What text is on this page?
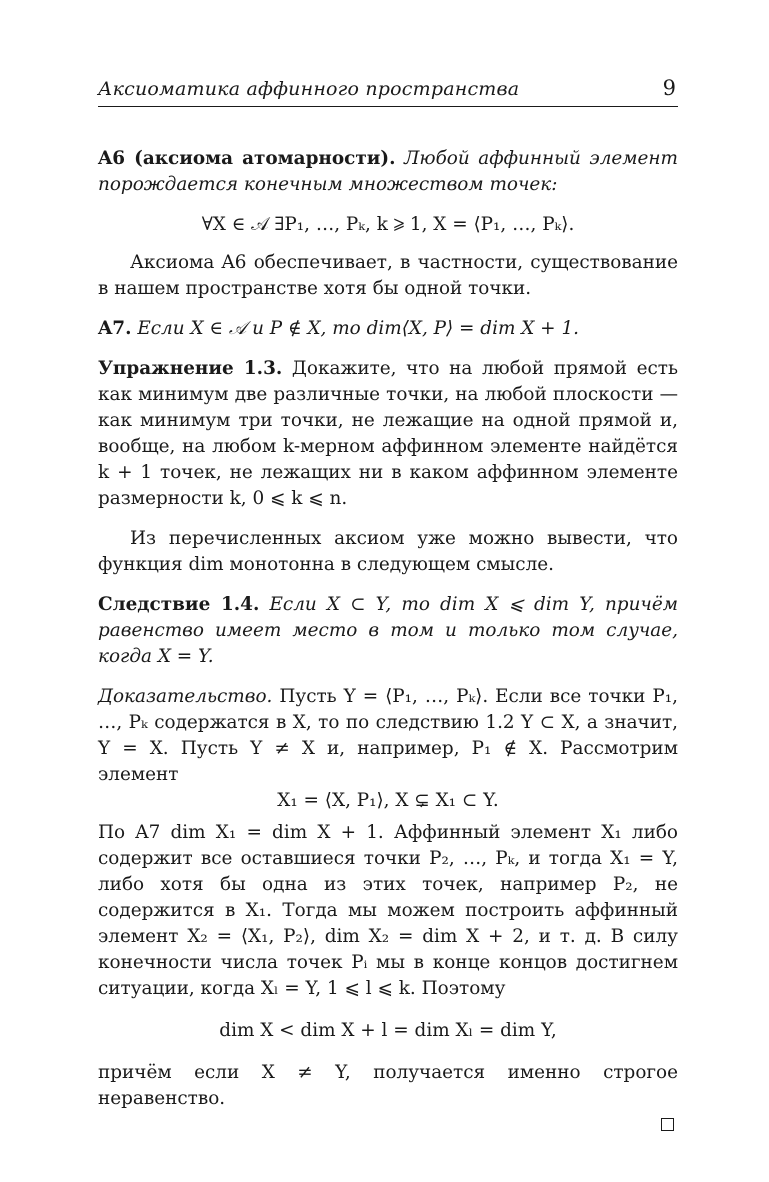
Аксиоматика аффинного пространства	9

A6 (аксиома атомарности). Любой аффинный элемент порождается конечным множеством точек:

∀X ∈ 𝒜 ∃P₁, …, Pₖ, k ⩾ 1, X = ⟨P₁, …, Pₖ⟩.

Аксиома A6 обеспечивает, в частности, существование в нашем пространстве хотя бы одной точки.

A7. Если X ∈ 𝒜 и P ∉ X, то dim⟨X, P⟩ = dim X + 1.

Упражнение 1.3. Докажите, что на любой прямой есть как минимум две различные точки, на любой плоскости — как минимум три точки, не лежащие на одной прямой и, вообще, на любом k-мерном аффинном элементе найдётся k + 1 точек, не лежащих ни в каком аффинном элементе размерности k, 0 ⩽ k ⩽ n.

Из перечисленных аксиом уже можно вывести, что функция dim монотонна в следующем смысле.

Следствие 1.4. Если X ⊂ Y, то dim X ⩽ dim Y, причём равенство имеет место в том и только том случае, когда X = Y.

Доказательство. Пусть Y = ⟨P₁, …, Pₖ⟩. Если все точки P₁, …, Pₖ содержатся в X, то по следствию 1.2 Y ⊂ X, а значит, Y = X. Пусть Y ≠ X и, например, P₁ ∉ X. Рассмотрим элемент

X₁ = ⟨X, P₁⟩, X ⊊ X₁ ⊂ Y.

По A7 dim X₁ = dim X + 1. Аффинный элемент X₁ либо содержит все оставшиеся точки P₂, …, Pₖ, и тогда X₁ = Y, либо хотя бы одна из этих точек, например P₂, не содержится в X₁. Тогда мы можем построить аффинный элемент X₂ = ⟨X₁, P₂⟩, dim X₂ = dim X + 2, и т. д. В силу конечности числа точек Pᵢ мы в конце концов достигнем ситуации, когда Xₗ = Y, 1 ⩽ l ⩽ k. Поэтому

dim X < dim X + l = dim Xₗ = dim Y,

причём если X ≠ Y, получается именно строгое неравенство.
